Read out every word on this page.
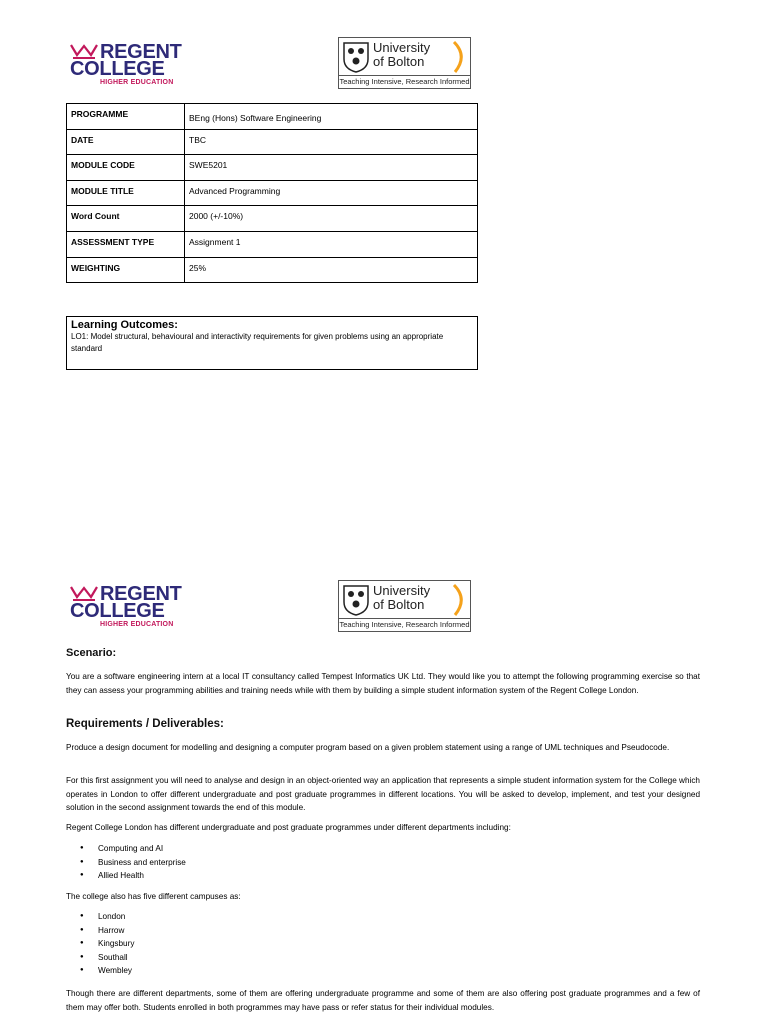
REGENT
COLLEGE
HIGHER EDUCATION
University
of Bolton
Teaching Intensive, Research Informed
PROGRAMME	BEng (Hons) Software Engineering

DATE	TBC

MODULE CODE	SWE5201

MODULE TITLE	Advanced Programming

Word Count	2000 (+/-10%)

ASSESSMENT TYPE	Assignment 1

WEIGHTING	25%
Learning Outcomes:
LO1: Model structural, behavioural and interactivity requirements for given problems using an appropriate standard
REGENT
COLLEGE
HIGHER EDUCATION
University
of Bolton
Teaching Intensive, Research Informed
Scenario:
You are a software engineering intern at a local IT consultancy called Tempest Informatics UK Ltd. They would like you to attempt the following programming exercise so that they can assess your programming abilities and training needs while with them by building a simple student information system of the Regent College London.
Requirements / Deliverables:
Produce a design document for modelling and designing a computer program based on a given problem statement using a range of UML techniques and Pseudocode.
For this first assignment you will need to analyse and design in an object-oriented way an application that represents a simple student information system for the College which operates in London to offer different undergraduate and post graduate programmes in different locations. You will be asked to develop, implement, and test your designed solution in the second assignment towards the end of this module.
Regent College London has different undergraduate and post graduate programmes under different departments including:
● Computing and AI
● Business and enterprise
● Allied Health
The college also has five different campuses as:
● London
● Harrow
● Kingsbury
● Southall
● Wembley
Though there are different departments, some of them are offering undergraduate programme and some of them are also offering post graduate programmes and a few of them may offer both. Students enrolled in both programmes may have pass or refer status for their individual modules.
